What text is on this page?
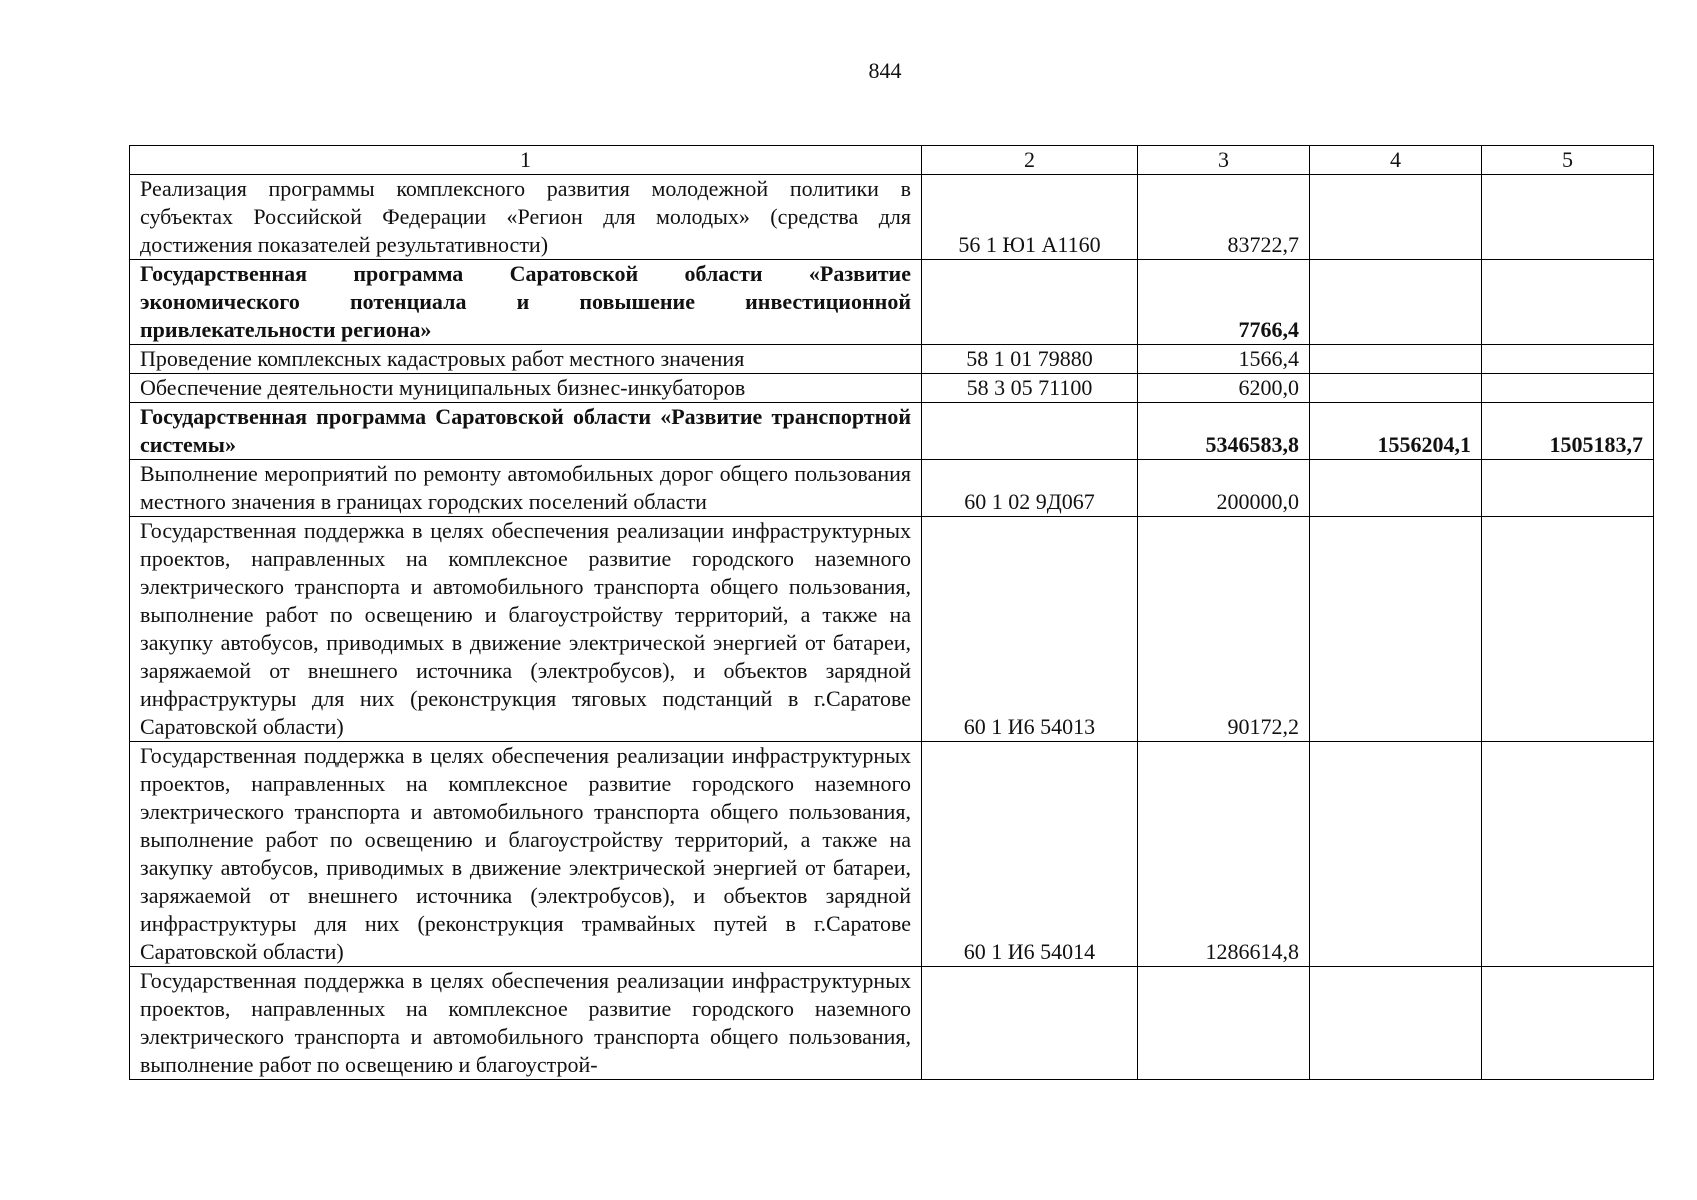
844
1	2	3	4	5
Реализация программы комплексного развития молодежной политики в субъектах Российской Федерации «Регион для молодых» (средства для достижения показателей результативности)	56 1 Ю1 А1160	83722,7		
Государственная программа Саратовской области «Развитие экономического потенциала и повышение инвестиционной привлекательности региона»		7766,4		
Проведение комплексных кадастровых работ местного значения	58 1 01 79880	1566,4		
Обеспечение деятельности муниципальных бизнес-инкубаторов	58 3 05 71100	6200,0		
Государственная программа Саратовской области «Развитие транспортной системы»		5346583,8	1556204,1	1505183,7
Выполнение мероприятий по ремонту автомобильных дорог общего пользования местного значения в границах городских поселений области	60 1 02 9Д067	200000,0		
Государственная поддержка в целях обеспечения реализации инфраструктурных проектов, направленных на комплексное развитие городского наземного электрического транспорта и автомобильного транспорта общего пользования, выполнение работ по освещению и благоустройству территорий, а также на закупку автобусов, приводимых в движение электрической энергией от батареи, заряжаемой от внешнего источника (электробусов), и объектов зарядной инфраструктуры для них (реконструкция тяговых подстанций в г.Саратове Саратовской области)	60 1 И6 54013	90172,2		
Государственная поддержка в целях обеспечения реализации инфраструктурных проектов, направленных на комплексное развитие городского наземного электрического транспорта и автомобильного транспорта общего пользования, выполнение работ по освещению и благоустройству территорий, а также на закупку автобусов, приводимых в движение электрической энергией от батареи, заряжаемой от внешнего источника (электробусов), и объектов зарядной инфраструктуры для них (реконструкция трамвайных путей в г.Саратове Саратовской области)	60 1 И6 54014	1286614,8		
Государственная поддержка в целях обеспечения реализации инфраструктурных проектов, направленных на комплексное развитие городского наземного электрического транспорта и автомобильного транспорта общего пользования, выполнение работ по освещению и благоустрой-				
